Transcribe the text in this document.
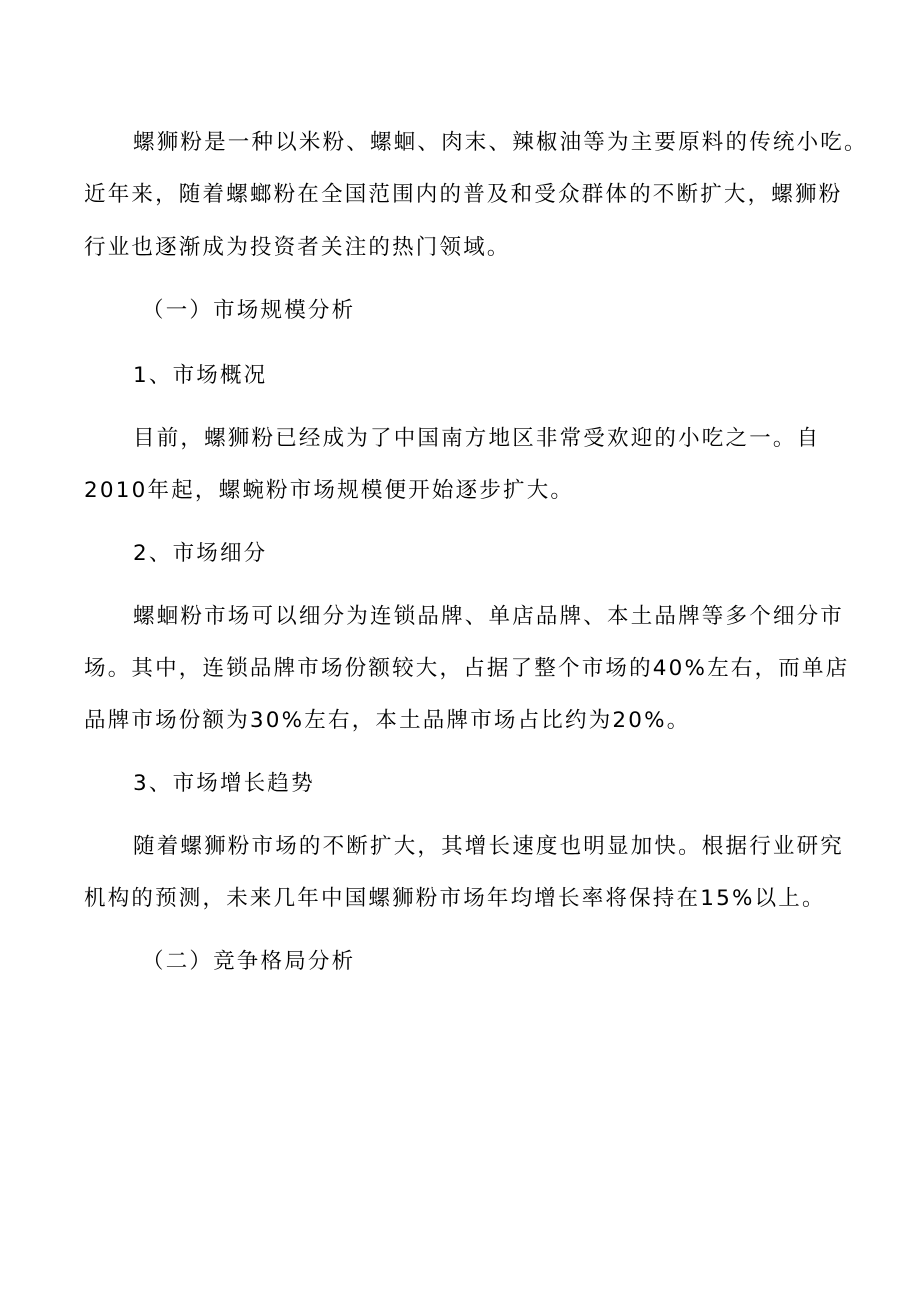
螺狮粉是一种以米粉、螺蛔、肉末、辣椒油等为主要原料的传统小吃。
近年来，随着螺螂粉在全国范围内的普及和受众群体的不断扩大，螺狮粉
行业也逐渐成为投资者关注的热门领域。
（一）市场规模分析
1、市场概况
目前，螺狮粉已经成为了中国南方地区非常受欢迎的小吃之一。自
2010年起，螺蜿粉市场规模便开始逐步扩大。
2、市场细分
螺蛔粉市场可以细分为连锁品牌、单店品牌、本土品牌等多个细分市
场。其中，连锁品牌市场份额较大，占据了整个市场的40%左右，而单店
品牌市场份额为30%左右，本土品牌市场占比约为20%。
3、市场增长趋势
随着螺狮粉市场的不断扩大，其增长速度也明显加快。根据行业研究
机构的预测，未来几年中国螺狮粉市场年均增长率将保持在15%以上。
（二）竞争格局分析
